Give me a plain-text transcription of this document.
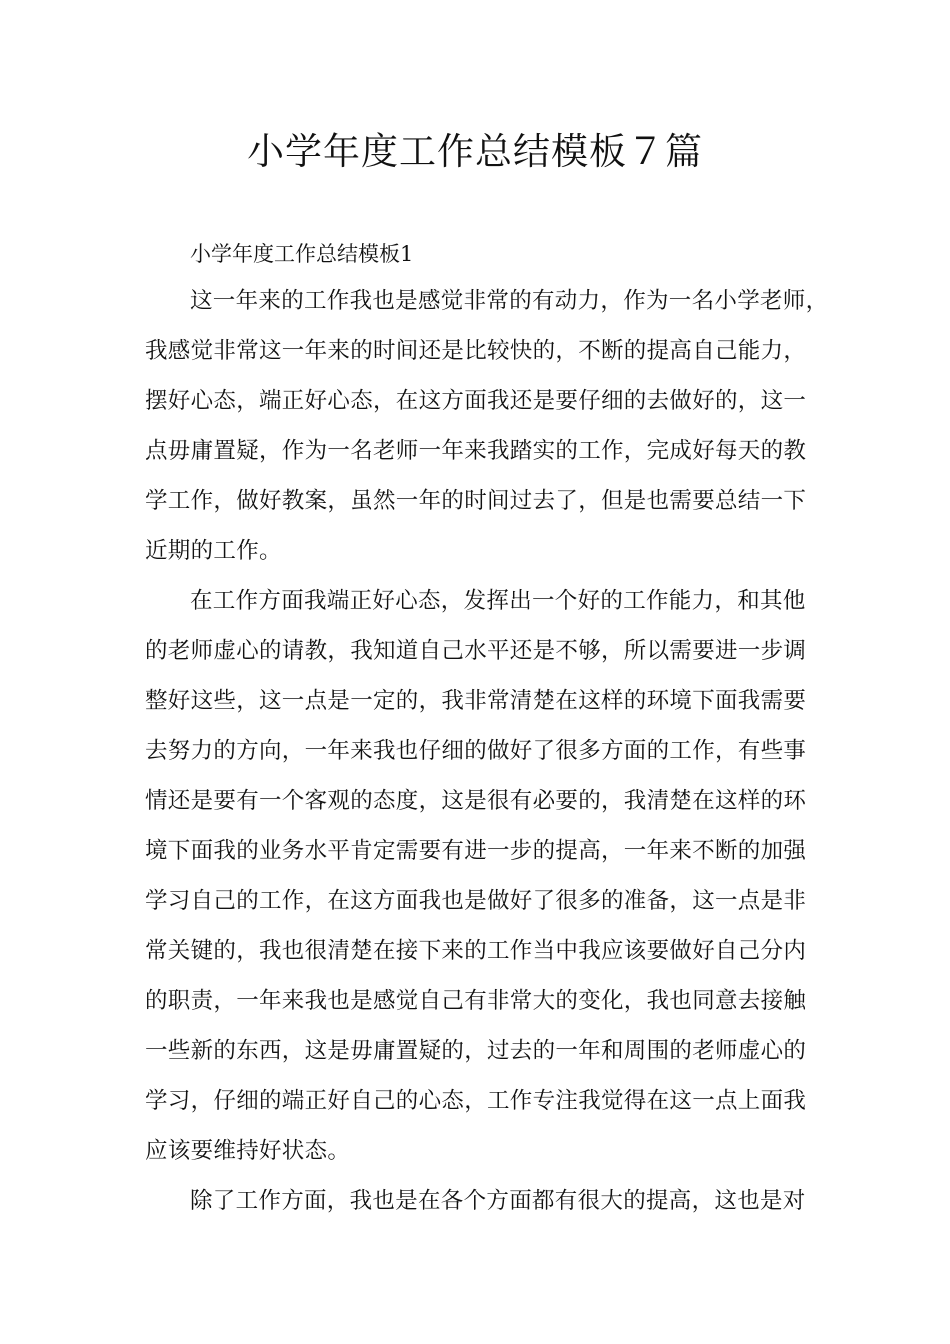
小学年度工作总结模板７篇

小学年度工作总结模板1

这一年来的工作我也是感觉非常的有动力，作为一名小学老师，

我感觉非常这一年来的时间还是比较快的，不断的提高自己能力，

摆好心态，端正好心态，在这方面我还是要仔细的去做好的，这一

点毋庸置疑，作为一名老师一年来我踏实的工作，完成好每天的教

学工作，做好教案，虽然一年的时间过去了，但是也需要总结一下

近期的工作。

在工作方面我端正好心态，发挥出一个好的工作能力，和其他

的老师虚心的请教，我知道自己水平还是不够，所以需要进一步调

整好这些，这一点是一定的，我非常清楚在这样的环境下面我需要

去努力的方向，一年来我也仔细的做好了很多方面的工作，有些事

情还是要有一个客观的态度，这是很有必要的，我清楚在这样的环

境下面我的业务水平肯定需要有进一步的提高，一年来不断的加强

学习自己的工作，在这方面我也是做好了很多的准备，这一点是非

常关键的，我也很清楚在接下来的工作当中我应该要做好自己分内

的职责，一年来我也是感觉自己有非常大的变化，我也同意去接触

一些新的东西，这是毋庸置疑的，过去的一年和周围的老师虚心的

学习，仔细的端正好自己的心态，工作专注我觉得在这一点上面我

应该要维持好状态。

除了工作方面，我也是在各个方面都有很大的提高，这也是对
